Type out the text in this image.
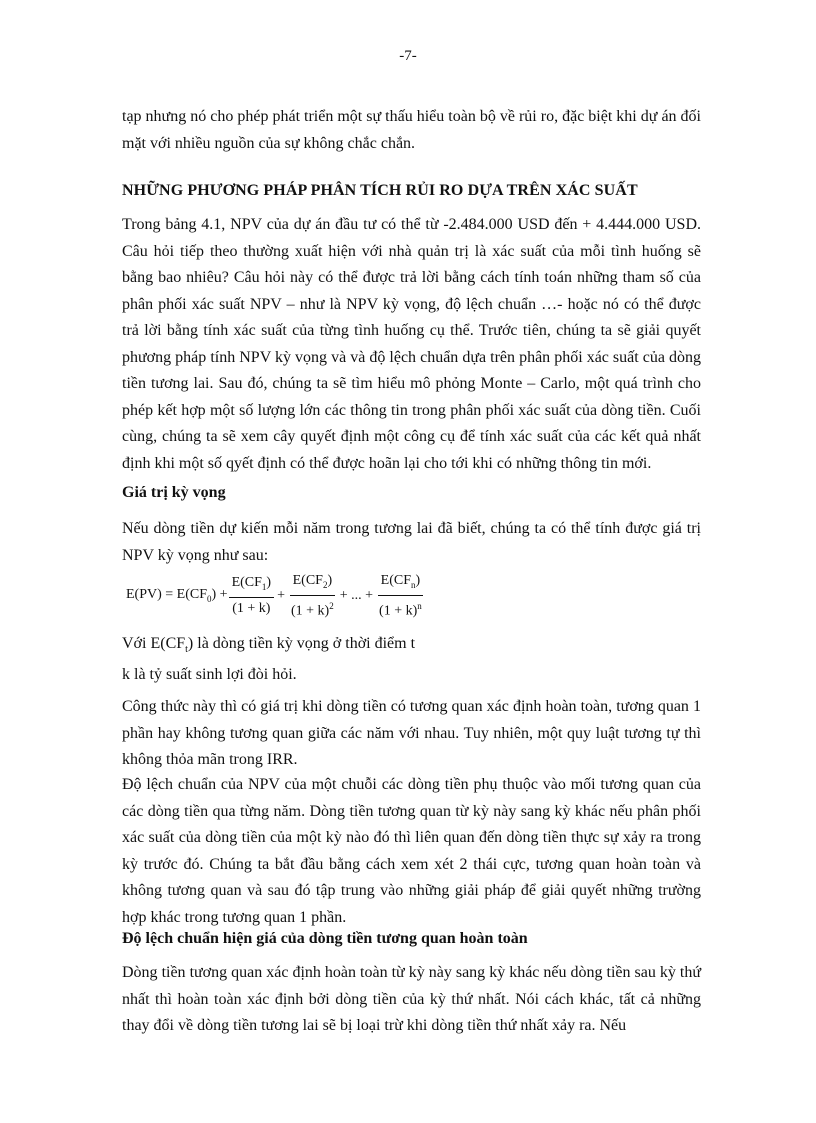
-7-

tạp nhưng nó cho phép phát triển một sự thấu hiểu toàn bộ về rủi ro, đặc biệt khi dự án đối mặt với nhiều nguồn của sự không chắc chắn.

NHỮNG PHƯƠNG PHÁP PHÂN TÍCH RỦI RO DỰA TRÊN XÁC SUẤT

Trong bảng 4.1, NPV của dự án đầu tư có thể từ -2.484.000 USD đến + 4.444.000 USD. Câu hỏi tiếp theo thường xuất hiện với nhà quản trị là xác suất của mỗi tình huống sẽ bằng bao nhiêu? Câu hỏi này có thể được trả lời bằng cách tính toán những tham số của phân phối xác suất NPV – như là NPV kỳ vọng, độ lệch chuẩn …- hoặc nó có thể được trả lời bằng tính xác suất của từng tình huống cụ thể. Trước tiên, chúng ta sẽ giải quyết phương pháp tính NPV kỳ vọng và và độ lệch chuẩn dựa trên phân phối xác suất của dòng tiền tương lai. Sau đó, chúng ta sẽ tìm hiểu mô phỏng Monte – Carlo, một quá trình cho phép kết hợp một số lượng lớn các thông tin trong phân phối xác suất của dòng tiền. Cuối cùng, chúng ta sẽ xem cây quyết định một công cụ để tính xác suất của các kết quả nhất định khi một số qyết định có thể được hoãn lại cho tới khi có những thông tin mới.

Giá trị kỳ vọng

Nếu dòng tiền dự kiến mỗi năm trong tương lai đã biết, chúng ta có thể tính được giá trị NPV kỳ vọng như sau:

$E(PV) = E(CF_0) + \frac{E(CF_1)}{(1 + k)} + \frac{E(CF_2)}{(1 + k)^2}$ + ... + $\frac{E(CF_n)}{(1 + k)^n}$

Với $E(CF_t)$ là dòng tiền kỳ vọng ở thời điểm t

k là tỷ suất sinh lợi đòi hỏi.

Công thức này thì có giá trị khi dòng tiền có tương quan xác định hoàn toàn, tương quan 1 phần hay không tương quan giữa các năm với nhau. Tuy nhiên, một quy luật tương tự thì không thỏa mãn trong IRR.

Độ lệch chuẩn của NPV của một chuỗi các dòng tiền phụ thuộc vào mối tương quan của các dòng tiền qua từng năm. Dòng tiền tương quan từ kỳ này sang kỳ khác nếu phân phối xác suất của dòng tiền của một kỳ nào đó thì liên quan đến dòng tiền thực sự xảy ra trong kỳ trước đó. Chúng ta bắt đầu bằng cách xem xét 2 thái cực, tương quan hoàn toàn và không tương quan và sau đó tập trung vào những giải pháp để giải quyết những trường hợp khác trong tương quan 1 phần.

Độ lệch chuẩn hiện giá của dòng tiền tương quan hoàn toàn

Dòng tiền tương quan xác định hoàn toàn từ kỳ này sang kỳ khác nếu dòng tiền sau kỳ thứ nhất thì hoàn toàn xác định bởi dòng tiền của kỳ thứ nhất. Nói cách khác, tất cả những thay đổi về dòng tiền tương lai sẽ bị loại trừ khi dòng tiền thứ nhất xảy ra. Nếu
